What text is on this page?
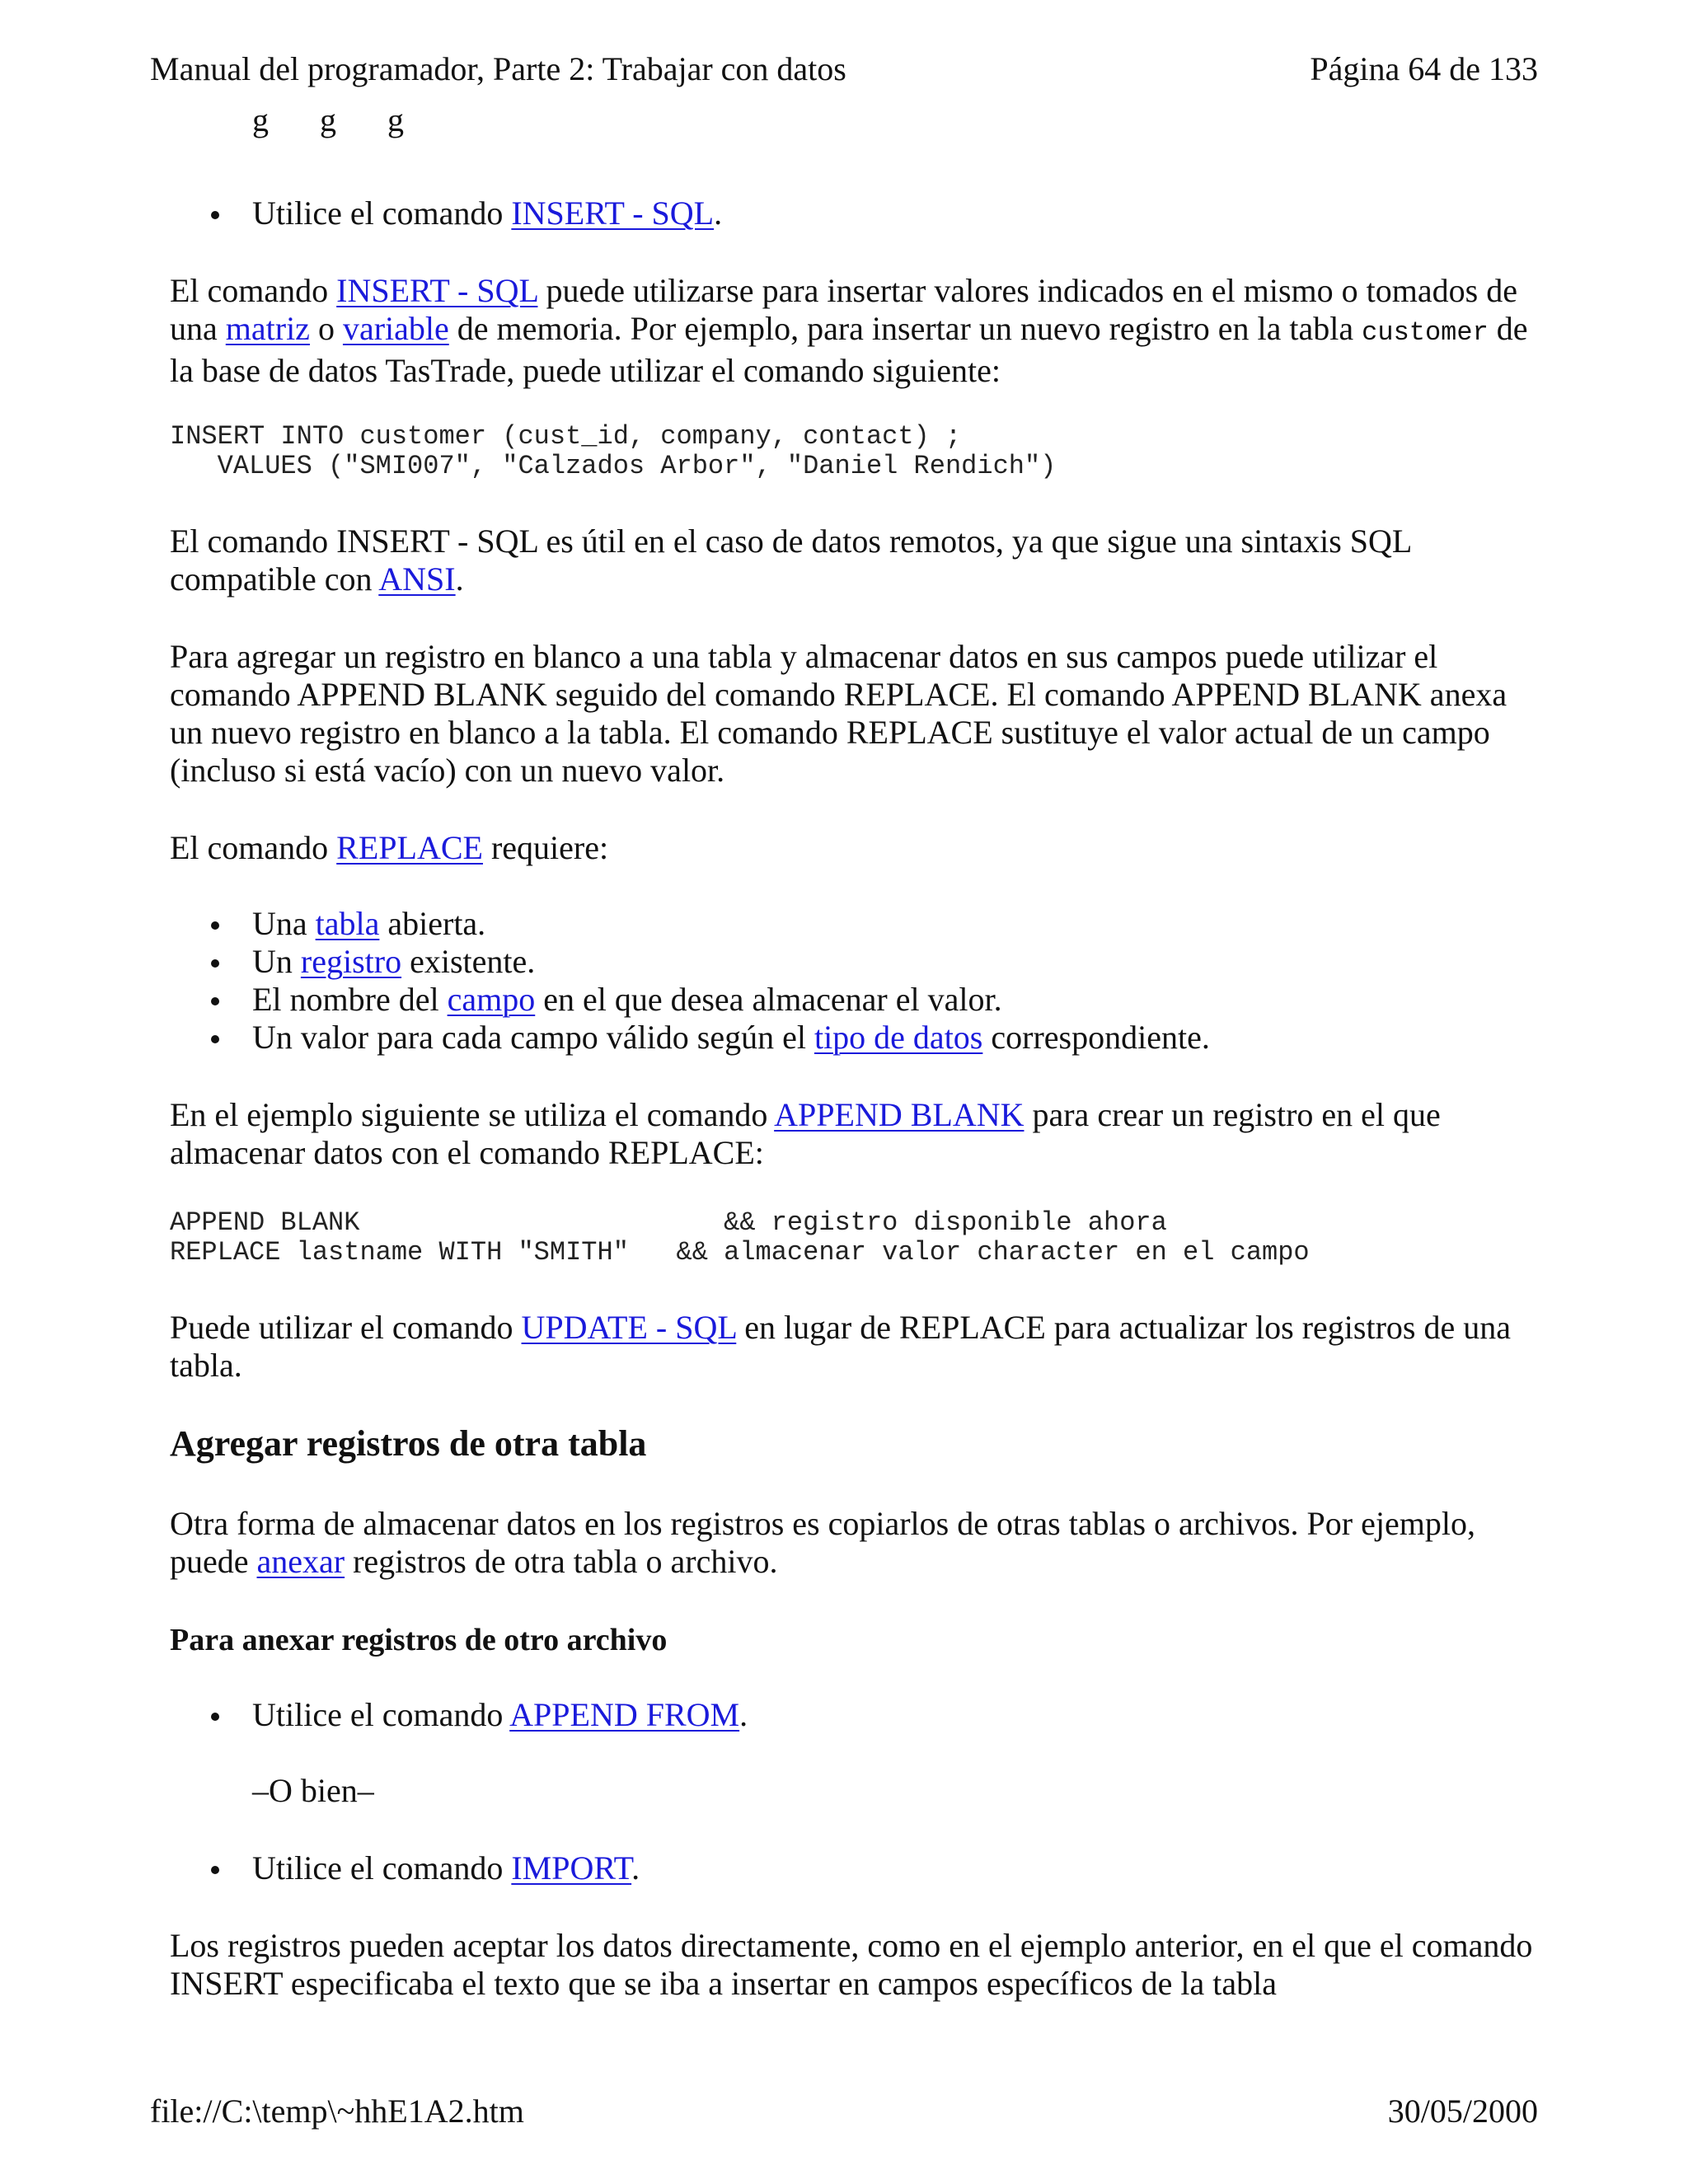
Manual del programador, Parte 2: Trabajar con datos	Página 64 de 133
g g g
Utilice el comando INSERT - SQL.

El comando INSERT - SQL puede utilizarse para insertar valores indicados en el mismo o tomados de una matriz o variable de memoria. Por ejemplo, para insertar un nuevo registro en la tabla customer de la base de datos TasTrade, puede utilizar el comando siguiente:

INSERT INTO customer (cust_id, company, contact) ;
VALUES ("SMI007", "Calzados Arbor", "Daniel Rendich")

El comando INSERT - SQL es útil en el caso de datos remotos, ya que sigue una sintaxis SQL compatible con ANSI.

Para agregar un registro en blanco a una tabla y almacenar datos en sus campos puede utilizar el comando APPEND BLANK seguido del comando REPLACE. El comando APPEND BLANK anexa un nuevo registro en blanco a la tabla. El comando REPLACE sustituye el valor actual de un campo (incluso si está vacío) con un nuevo valor.

El comando REPLACE requiere:

Una tabla abierta.
Un registro existente.
El nombre del campo en el que desea almacenar el valor.
Un valor para cada campo válido según el tipo de datos correspondiente.

En el ejemplo siguiente se utiliza el comando APPEND BLANK para crear un registro en el que almacenar datos con el comando REPLACE:

APPEND BLANK                       && registro disponible ahora
REPLACE lastname WITH "SMITH"   && almacenar valor character en el campo

Puede utilizar el comando UPDATE - SQL en lugar de REPLACE para actualizar los registros de una tabla.

Agregar registros de otra tabla

Otra forma de almacenar datos en los registros es copiarlos de otras tablas o archivos. Por ejemplo, puede anexar registros de otra tabla o archivo.

Para anexar registros de otro archivo
Utilice el comando APPEND FROM.

–O bien–

Utilice el comando IMPORT.

Los registros pueden aceptar los datos directamente, como en el ejemplo anterior, en el que el comando INSERT especificaba el texto que se iba a insertar en campos específicos de la tabla

file://C:\temp\~hhE1A2.htm	30/05/2000
